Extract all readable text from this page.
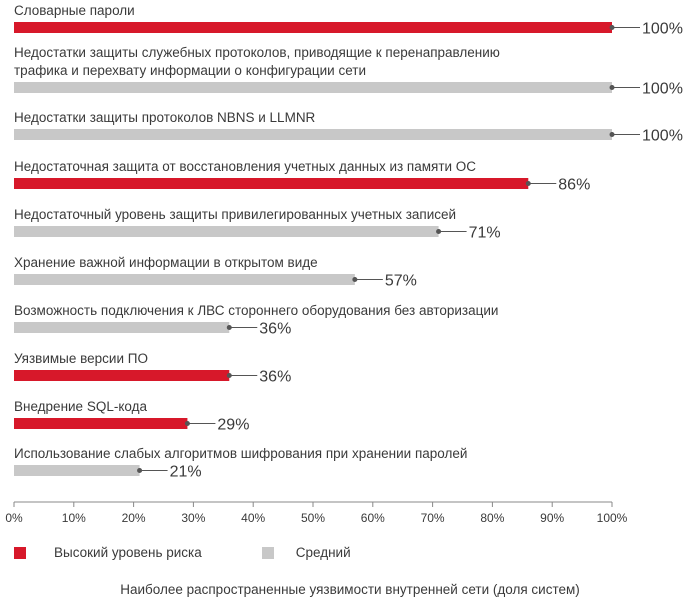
Словарные пароли
100%
Недостатки защиты служебных протоколов, приводящие к перенаправлению
трафика и перехвату информации о конфигурации сети
100%
Недостатки защиты протоколов NBNS и LLMNR
100%
Недостаточная защита от восстановления учетных данных из памяти ОС
86%
Недостаточный уровень защиты привилегированных учетных записей
71%
Хранение важной информации в открытом виде
57%
Возможность подключения к ЛВС стороннего оборудования без авторизации
36%
Уязвимые версии ПО
36%
Внедрение SQL-кода
29%
Использование слабых алгоритмов шифрования при хранении паролей
21%
0%	10%	20%	30%	40%	50%	60%	70%	80%	90%	100%
Высокий уровень риска	Средний
Наиболее распространенные уязвимости внутренней сети (доля систем)
